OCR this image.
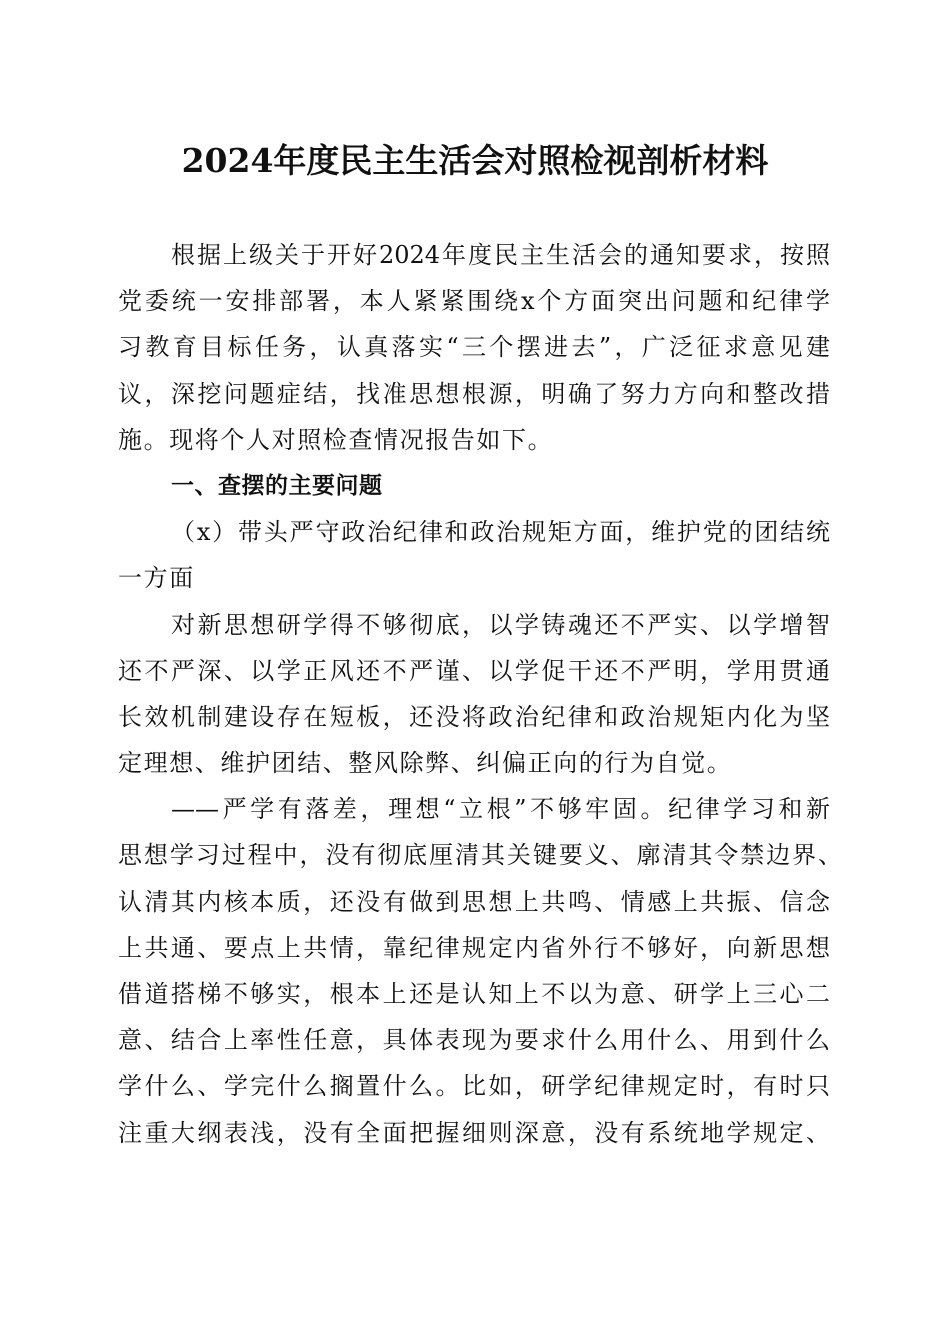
2024年度民主生活会对照检视剖析材料
根据上级关于开好2024年度民主生活会的通知要求，按照
党委统一安排部署，本人紧紧围绕x个方面突出问题和纪律学
习教育目标任务，认真落实“三个摆进去”，广泛征求意见建
议，深挖问题症结，找准思想根源，明确了努力方向和整改措
施。现将个人对照检查情况报告如下。
一、查摆的主要问题
（x）带头严守政治纪律和政治规矩方面，维护党的团结统
一方面
对新思想研学得不够彻底，以学铸魂还不严实、以学增智
还不严深、以学正风还不严谨、以学促干还不严明，学用贯通
长效机制建设存在短板，还没将政治纪律和政治规矩内化为坚
定理想、维护团结、整风除弊、纠偏正向的行为自觉。
——严学有落差，理想“立根”不够牢固。纪律学习和新
思想学习过程中，没有彻底厘清其关键要义、廓清其令禁边界、
认清其内核本质，还没有做到思想上共鸣、情感上共振、信念
上共通、要点上共情，靠纪律规定内省外行不够好，向新思想
借道搭梯不够实，根本上还是认知上不以为意、研学上三心二
意、结合上率性任意，具体表现为要求什么用什么、用到什么
学什么、学完什么搁置什么。比如，研学纪律规定时，有时只
注重大纲表浅，没有全面把握细则深意，没有系统地学规定、
